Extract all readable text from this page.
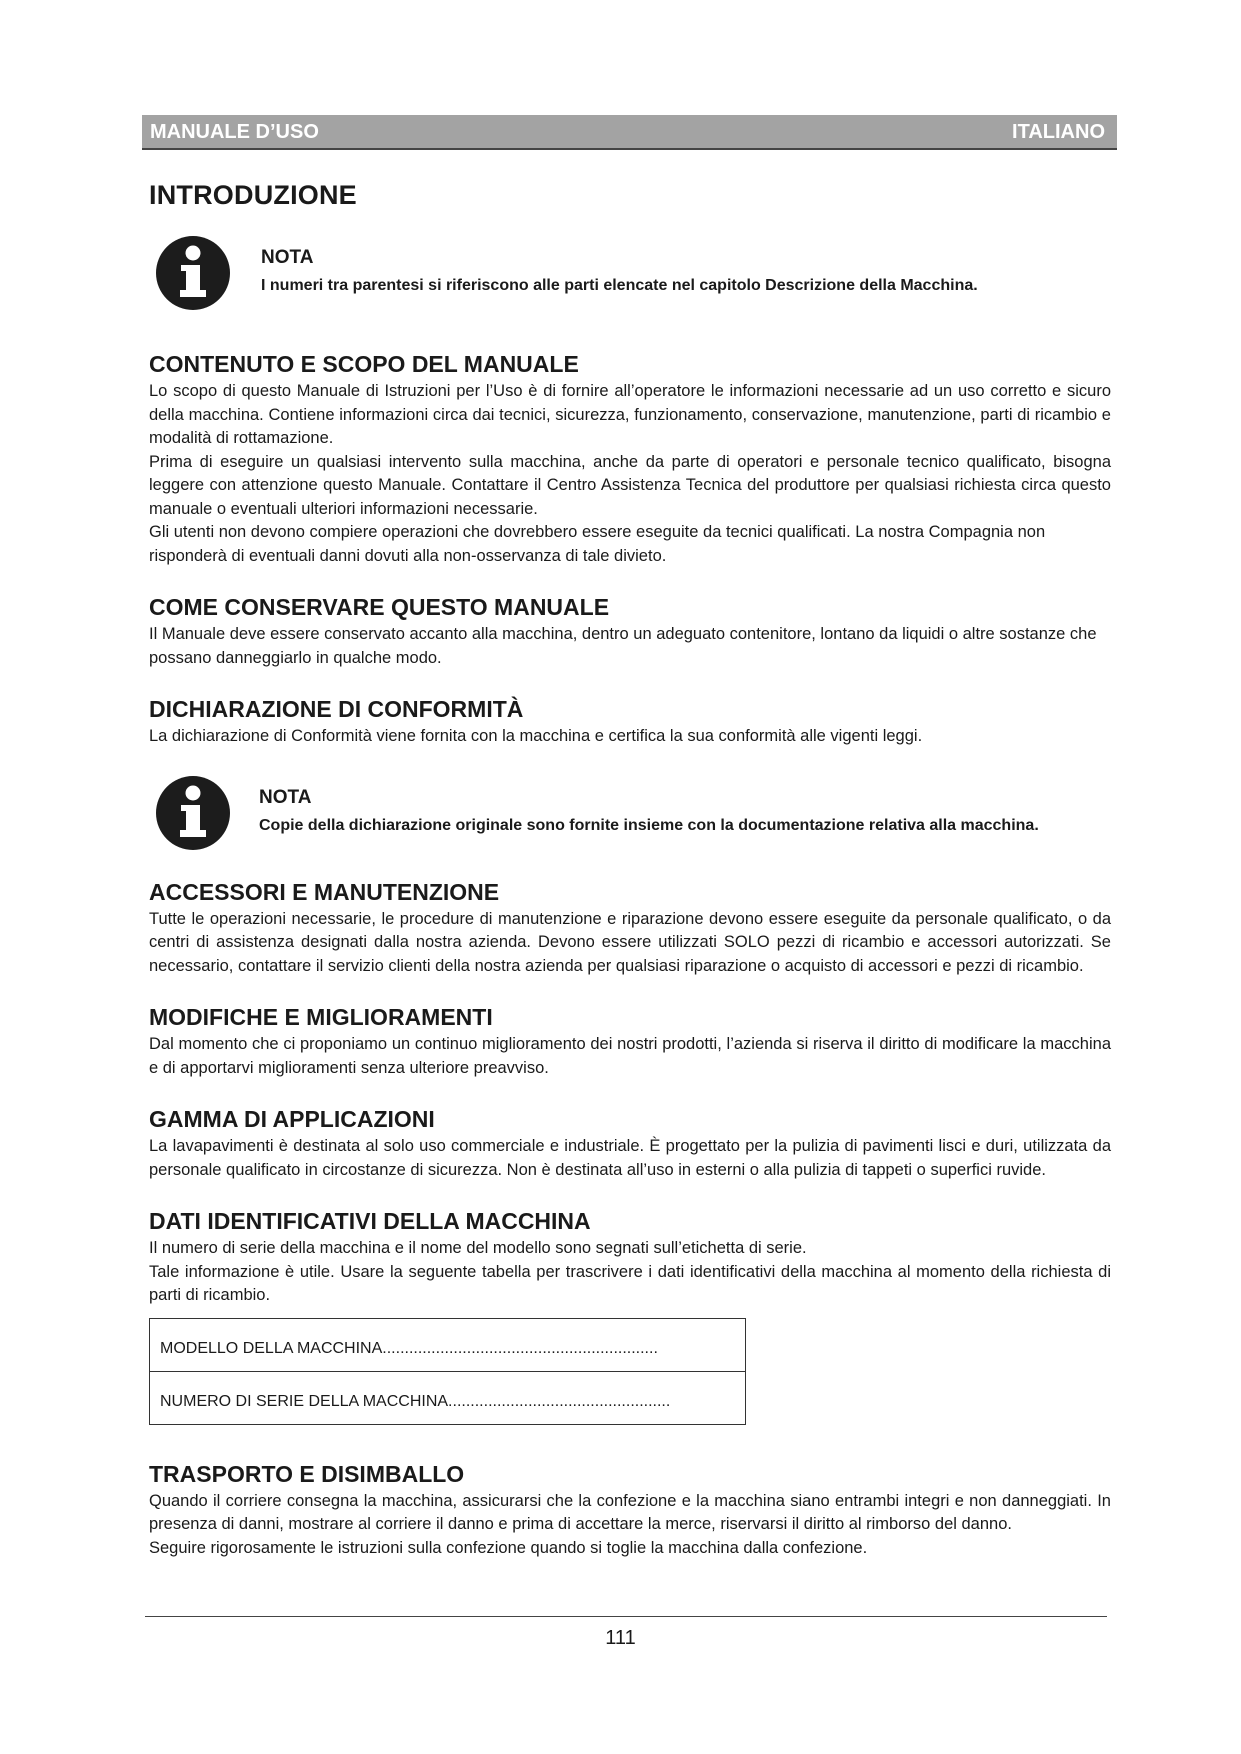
MANUALE D’USO	ITALIANO
INTRODUZIONE
NOTA
I numeri tra parentesi si riferiscono alle parti elencate nel capitolo Descrizione della Macchina.
CONTENUTO E SCOPO DEL MANUALE

Lo scopo di questo Manuale di Istruzioni per l’Uso è di fornire all’operatore le informazioni necessarie ad un uso corretto e sicuro della macchina. Contiene informazioni circa dai tecnici, sicurezza, funzionamento, conservazione, manutenzione, parti di ricambio e modalità di rottamazione.

Prima di eseguire un qualsiasi intervento sulla macchina, anche da parte di operatori e personale tecnico qualificato, bisogna leggere con attenzione questo Manuale. Contattare il Centro Assistenza Tecnica del produttore per qualsiasi richiesta circa questo manuale o eventuali ulteriori informazioni necessarie.

Gli utenti non devono compiere operazioni che dovrebbero essere eseguite da tecnici qualificati. La nostra Compagnia non risponderà di eventuali danni dovuti alla non-osservanza di tale divieto.

COME CONSERVARE QUESTO MANUALE

Il Manuale deve essere conservato accanto alla macchina, dentro un adeguato contenitore, lontano da liquidi o altre sostanze che possano danneggiarlo in qualche modo.

DICHIARAZIONE DI CONFORMITÀ

La dichiarazione di Conformità viene fornita con la macchina e certifica la sua conformità alle vigenti leggi.

NOTA
Copie della dichiarazione originale sono fornite insieme con la documentazione relativa alla macchina.
ACCESSORI E MANUTENZIONE

Tutte le operazioni necessarie, le procedure di manutenzione e riparazione devono essere eseguite da personale qualificato, o da centri di assistenza designati dalla nostra azienda. Devono essere utilizzati SOLO pezzi di ricambio e accessori autorizzati. Se necessario, contattare il servizio clienti della nostra azienda per qualsiasi riparazione o acquisto di accessori e pezzi di ricambio.

MODIFICHE E MIGLIORAMENTI

Dal momento che ci proponiamo un continuo miglioramento dei nostri prodotti, l’azienda si riserva il diritto di modificare la macchina e di apportarvi miglioramenti senza ulteriore preavviso.

GAMMA DI APPLICAZIONI

La lavapavimenti è destinata al solo uso commerciale e industriale. È progettato per la pulizia di pavimenti lisci e duri, utilizzata da personale qualificato in circostanze di sicurezza. Non è destinata all’uso in esterni o alla pulizia di tappeti o superfici ruvide.

DATI IDENTIFICATIVI DELLA MACCHINA

Il numero di serie della macchina e il nome del modello sono segnati sull’etichetta di serie.

Tale informazione è utile. Usare la seguente tabella per trascrivere i dati identificativi della macchina al momento della richiesta di parti di ricambio.

MODELLO DELLA MACCHINA..............................................................
NUMERO DI SERIE DELLA MACCHINA..................................................
TRASPORTO E DISIMBALLO

Quando il corriere consegna la macchina, assicurarsi che la confezione e la macchina siano entrambi integri e non danneggiati. In presenza di danni, mostrare al corriere il danno e prima di accettare la merce, riservarsi il diritto al rimborso del danno.

Seguire rigorosamente le istruzioni sulla confezione quando si toglie la macchina dalla confezione.

111
